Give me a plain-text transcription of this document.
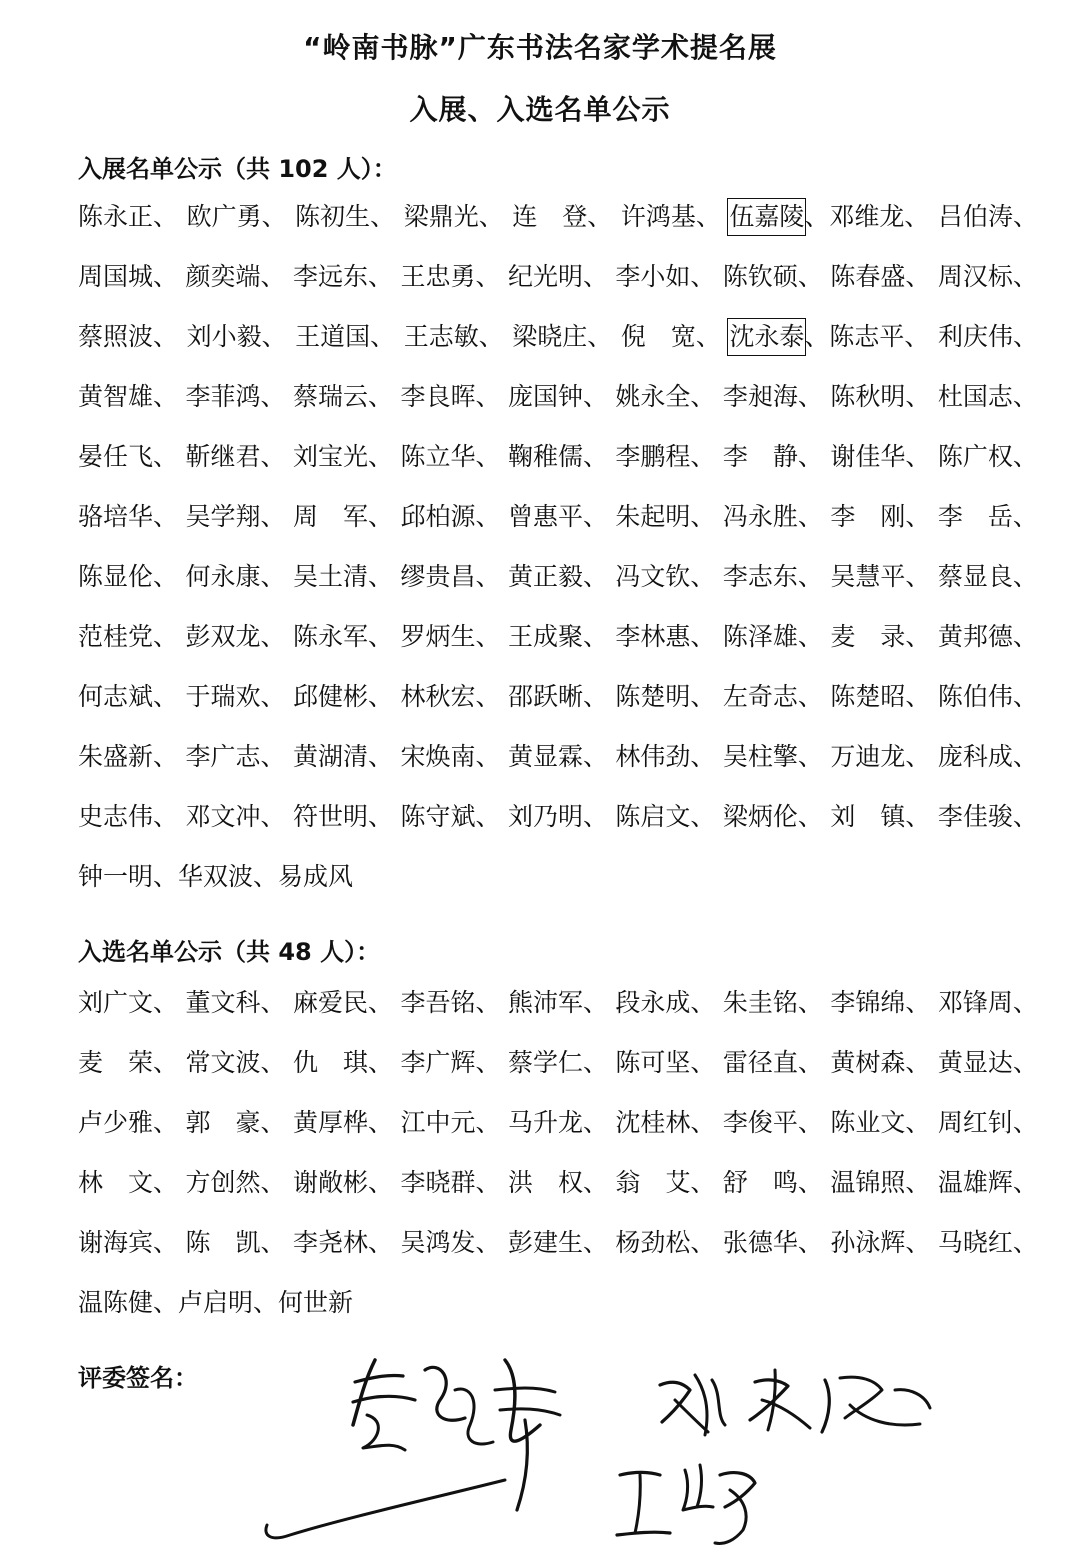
“岭南书脉”广东书法名家学术提名展
入展、入选名单公示
入展名单公示（共 102 人）：
陈永正、 欧广勇、 陈初生、 梁鼎光、 连　登、 许鸿基、 伍嘉陵、邓维龙、 吕伯涛、
周国城、 颜奕端、 李远东、 王忠勇、 纪光明、 李小如、 陈钦硕、 陈春盛、 周汉标、
蔡照波、 刘小毅、 王道国、 王志敏、 梁晓庄、 倪　宽、 沈永泰、陈志平、 利庆伟、
黄智雄、 李菲鸿、 蔡瑞云、 李良晖、 庞国钟、 姚永全、 李昶海、 陈秋明、 杜国志、
晏任飞、 靳继君、 刘宝光、 陈立华、 鞠稚儒、 李鹏程、 李　静、 谢佳华、 陈广权、
骆培华、 吴学翔、 周　军、 邱柏源、 曾惠平、 朱起明、 冯永胜、 李　刚、 李　岳、
陈显伦、 何永康、 吴土清、 缪贵昌、 黄正毅、 冯文钦、 李志东、 吴慧平、 蔡显良、
范桂党、 彭双龙、 陈永军、 罗炳生、 王成聚、 李林惠、 陈泽雄、 麦　录、 黄邦德、
何志斌、 于瑞欢、 邱健彬、 林秋宏、 邵跃晰、 陈楚明、 左奇志、 陈楚昭、 陈伯伟、
朱盛新、 李广志、 黄湖清、 宋焕南、 黄显霖、 林伟劲、 吴柱擎、 万迪龙、 庞科成、
史志伟、 邓文冲、 符世明、 陈守斌、 刘乃明、 陈启文、 梁炳伦、 刘　镇、 李佳骏、
钟一明、 华双波、 易成风
入选名单公示（共 48 人）：
刘广文、 董文科、 麻爱民、 李吾铭、 熊沛军、 段永成、 朱圭铭、 李锦绵、 邓锋周、
麦　荣、 常文波、 仇　琪、 李广辉、 蔡学仁、 陈可坚、 雷径直、 黄树森、 黄显达、
卢少雅、 郭　豪、 黄厚桦、 江中元、 马升龙、 沈桂林、 李俊平、 陈业文、 周红钊、
林　文、 方创然、 谢敞彬、 李晓群、 洪　权、 翁　艾、 舒　鸣、 温锦照、 温雄辉、
谢海宾、 陈　凯、 李尧林、 吴鸿发、 彭建生、 杨劲松、 张德华、 孙泳辉、 马晓红、
温陈健、 卢启明、 何世新
评委签名：
